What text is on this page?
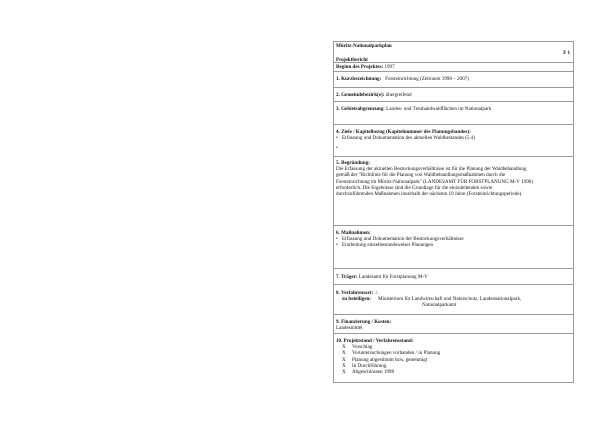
Müritz-Nationalparkplan
F 1
Projektbericht
Beginn des Projektes: 1997
1. Kurzbezeichnung: Forsteinrichtung (Zeitraum 1998 – 2007)
2. Gemeindebezirk(e): übergreifend
3. Gebietsabgrenzung: Landes- und Treuhandwaldflächen im Nationalpark
4. Ziele / Kapitelbezug (Kapitelnummer des Planungsbandes):
• Erfassung und Dokumentation des aktuellen Waldbestandes (5.4)
•
5. Begründung:
Die Erfassung der aktuellen Bestockungsverhältnisse ist für die Planung der Waldbehandlung
gemäß der "Richtlinie für die Planung von Waldbehandlungsmaßnahmen durch die
Forsteinrichtung im Müritz-Nationalpark" (LANDESAMT FÜR FORSTPLANUNG M-V 1996)
erforderlich. Die Ergebnisse sind die Grundlage für die einzuleitenden sowie
durchzuführenden Maßnahmen innerhalb der nächsten 10 Jahre (Forsteinrichtungsperiode).
6. Maßnahmen:
• Erfassung und Dokumentation der Bestockungsverhältnisse
• Erarbeitung einzelbestandsweiser Planungen
7. Träger: Landesamt für Forstplanung M-V
8. Verfahrensart: ./.
zu beteiligen:	Ministerium für Landwirtschaft und Naturschutz, Landesnationalpark,
Nationalparkamt
9. Finanzierung / Kosten:
Landesmittel
10. Projektstand / Verfahrensstand:
X	Vorschlag
X	Voruntersuchungen vorhanden / in Planung
X	Planung abgestimmt bzw. genehmigt
X	In Durchführung
X	Abgeschlossen 1998
